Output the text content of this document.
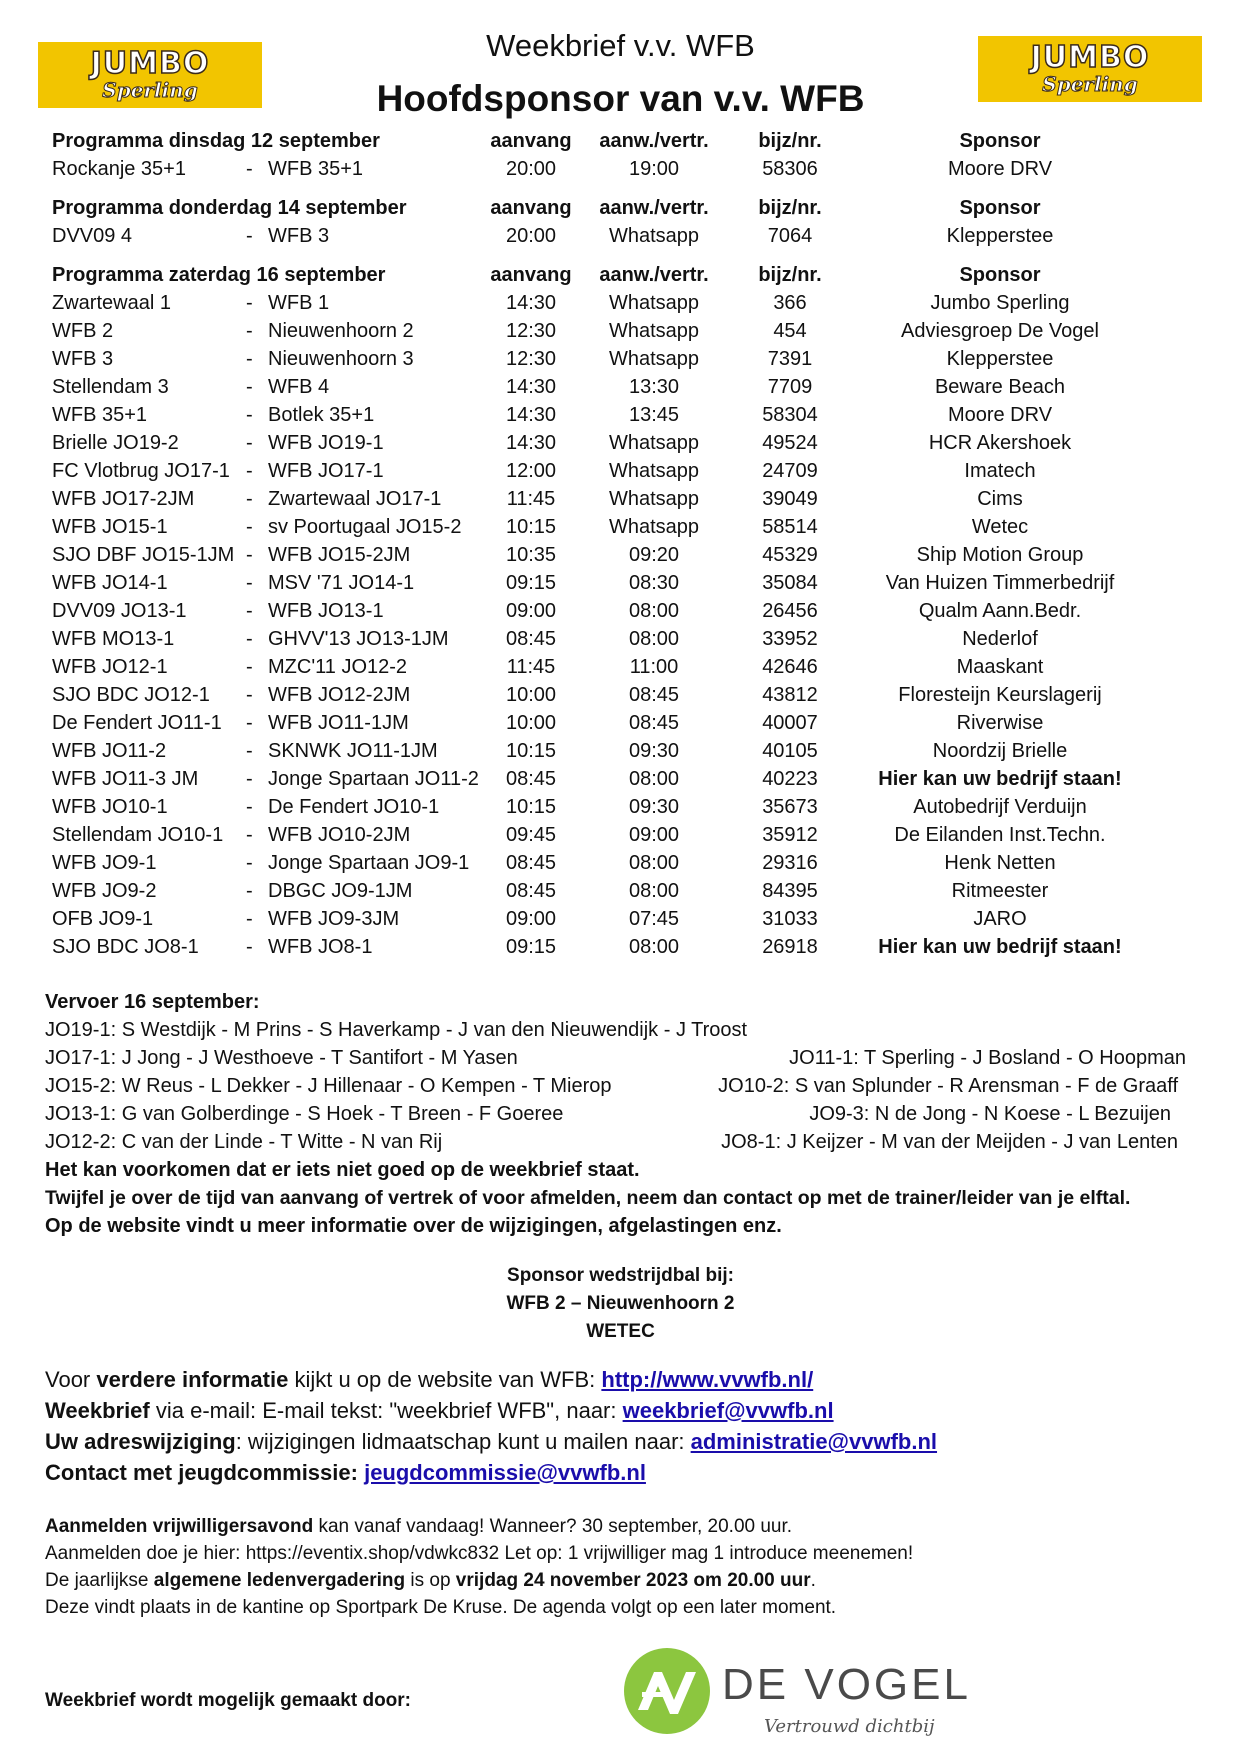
JUMBO
Sperling
JUMBO
Sperling
Weekbrief v.v. WFB
Hoofdsponsor van v.v. WFB
Programma dinsdag 12 september	aanvang	aanw./vertr.	bijz/nr.	Sponsor
Rockanje 35+1	- WFB 35+1	20:00	19:00	58306	Moore DRV
Programma donderdag 14 september	aanvang	aanw./vertr.	bijz/nr.	Sponsor
DVV09 4	- WFB 3	20:00	Whatsapp	7064	Klepperstee
Programma zaterdag 16 september	aanvang	aanw./vertr.	bijz/nr.	Sponsor
Zwartewaal 1	- WFB 1	14:30	Whatsapp	366	Jumbo Sperling
WFB 2	- Nieuwenhoorn 2	12:30	Whatsapp	454	Adviesgroep De Vogel
WFB 3	- Nieuwenhoorn 3	12:30	Whatsapp	7391	Klepperstee
Stellendam 3	- WFB 4	14:30	13:30	7709	Beware Beach
WFB 35+1	- Botlek 35+1	14:30	13:45	58304	Moore DRV
Brielle JO19-2	- WFB JO19-1	14:30	Whatsapp	49524	HCR Akershoek
FC Vlotbrug JO17-1 - WFB JO17-1	12:00	Whatsapp	24709	Imatech
WFB JO17-2JM	- Zwartewaal JO17-1	11:45	Whatsapp	39049	Cims
WFB JO15-1	- sv Poortugaal JO15-2	10:15	Whatsapp	58514	Wetec
SJO DBF JO15-1JM - WFB JO15-2JM	10:35	09:20	45329	Ship Motion Group
WFB JO14-1	- MSV '71 JO14-1	09:15	08:30	35084	Van Huizen Timmerbedrijf
DVV09 JO13-1	- WFB JO13-1	09:00	08:00	26456	Qualm Aann.Bedr.
WFB MO13-1	- GHVV'13 JO13-1JM	08:45	08:00	33952	Nederlof
WFB JO12-1	- MZC'11 JO12-2	11:45	11:00	42646	Maaskant
SJO BDC JO12-1 - WFB JO12-2JM	10:00	08:45	43812	Floresteijn Keurslagerij
De Fendert JO11-1 - WFB JO11-1JM	10:00	08:45	40007	Riverwise
WFB JO11-2	- SKNWK JO11-1JM	10:15	09:30	40105	Noordzij Brielle
WFB JO11-3 JM - Jonge Spartaan JO11-2	08:45	08:00	40223	Hier kan uw bedrijf staan!
WFB JO10-1	- De Fendert JO10-1	10:15	09:30	35673	Autobedrijf Verduijn
Stellendam JO10-1 - WFB JO10-2JM	09:45	09:00	35912	De Eilanden Inst.Techn.
WFB JO9-1	- Jonge Spartaan JO9-1	08:45	08:00	29316	Henk Netten
WFB JO9-2	- DBGC JO9-1JM	08:45	08:00	84395	Ritmeester
OFB JO9-1	- WFB JO9-3JM	09:00	07:45	31033	JARO
SJO BDC JO8-1 - WFB JO8-1	09:15	08:00	26918	Hier kan uw bedrijf staan!
Vervoer 16 september:
JO19-1: S Westdijk - M Prins - S Haverkamp - J van den Nieuwendijk - J Troost
JO17-1: J Jong - J Westhoeve - T Santifort - M Yasen
JO15-2: W Reus - L Dekker - J Hillenaar - O Kempen - T Mierop
JO13-1: G van Golberdinge - S Hoek - T Breen - F Goeree
JO12-2: C van der Linde - T Witte - N van Rij
JO11-1: T Sperling - J Bosland - O Hoopman
JO10-2: S van Splunder - R Arensman - F de Graaff
JO9-3: N de Jong - N Koese - L Bezuijen
JO8-1: J Keijzer - M van der Meijden - J van Lenten
Het kan voorkomen dat er iets niet goed op de weekbrief staat.
Twijfel je over de tijd van aanvang of vertrek of voor afmelden, neem dan contact op met de trainer/leider van je elftal.
Op de website vindt u meer informatie over de wijzigingen, afgelastingen enz.
Sponsor wedstrijdbal bij:
WFB 2 – Nieuwenhoorn 2
WETEC
Voor verdere informatie kijkt u op de website van WFB: http://www.vvwfb.nl/
Weekbrief via e-mail: E-mail tekst: "weekbrief WFB", naar: weekbrief@vvwfb.nl
Uw adreswijziging: wijzigingen lidmaatschap kunt u mailen naar: administratie@vvwfb.nl
Contact met jeugdcommissie: jeugdcommissie@vvwfb.nl
Aanmelden vrijwilligersavond kan vanaf vandaag! Wanneer? 30 september, 20.00 uur.
Aanmelden doe je hier: https://eventix.shop/vdwkc832 Let op: 1 vrijwilliger mag 1 introduce meenemen!
De jaarlijkse algemene ledenvergadering is op vrijdag 24 november 2023 om 20.00 uur.
Deze vindt plaats in de kantine op Sportpark De Kruse. De agenda volgt op een later moment.
Weekbrief wordt mogelijk gemaakt door:	DE VOGEL
Vertrouwd dichtbij
